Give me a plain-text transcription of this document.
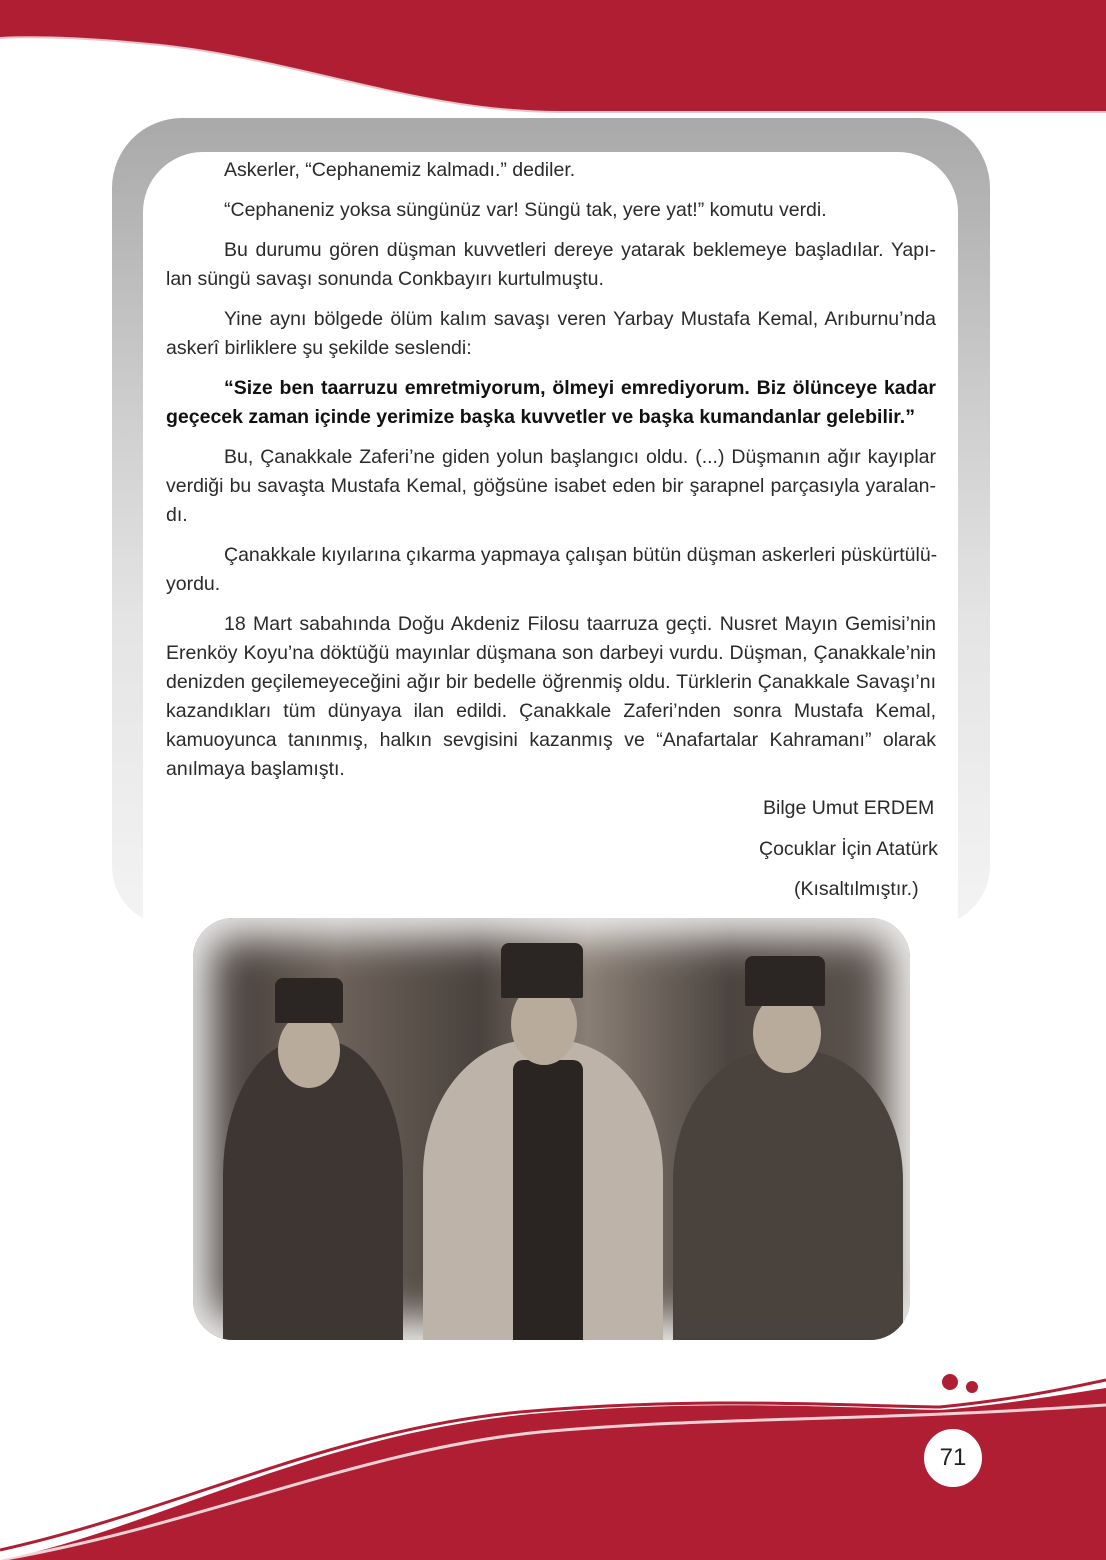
2. TEMA
MİLLÎ MÜCADELE VE ATATÜRK
Askerler, “Cephanemiz kalmadı.” dediler.
“Cephaneniz yoksa süngünüz var! Süngü tak, yere yat!” komutu verdi.
Bu durumu gören düşman kuvvetleri dereye yatarak beklemeye başladılar. Yapı-
lan süngü savaşı sonunda Conkbayırı kurtulmuştu.
Yine aynı bölgede ölüm kalım savaşı veren Yarbay Mustafa Kemal, Arıburnu’nda
askerî birliklere şu şekilde seslendi:
“Size ben taarruzu emretmiyorum, ölmeyi emrediyorum. Biz ölünceye kadar
geçecek zaman içinde yerimize başka kuvvetler ve başka kumandanlar gelebilir.”
Bu, Çanakkale Zaferi’ne giden yolun başlangıcı oldu. (...) Düşmanın ağır kayıplar
verdiği bu savaşta Mustafa Kemal, göğsüne isabet eden bir şarapnel parçasıyla yaralan-
dı.
Çanakkale kıyılarına çıkarma yapmaya çalışan bütün düşman askerleri püskürtülü-
yordu.
18 Mart sabahında Doğu Akdeniz Filosu taarruza geçti. Nusret Mayın Gemisi’nin
Erenköy Koyu’na döktüğü mayınlar düşmana son darbeyi vurdu. Düşman, Çanakkale’nin
denizden geçilemeyeceğini ağır bir bedelle öğrenmiş oldu. Türklerin Çanakkale Savaşı’nı
kazandıkları tüm dünyaya ilan edildi. Çanakkale Zaferi’nden sonra Mustafa Kemal,
kamuoyunca tanınmış, halkın sevgisini kazanmış ve “Anafartalar Kahramanı” olarak
anılmaya başlamıştı.
Bilge Umut ERDEM
Çocuklar İçin Atatürk
(Kısaltılmıştır.)
71
